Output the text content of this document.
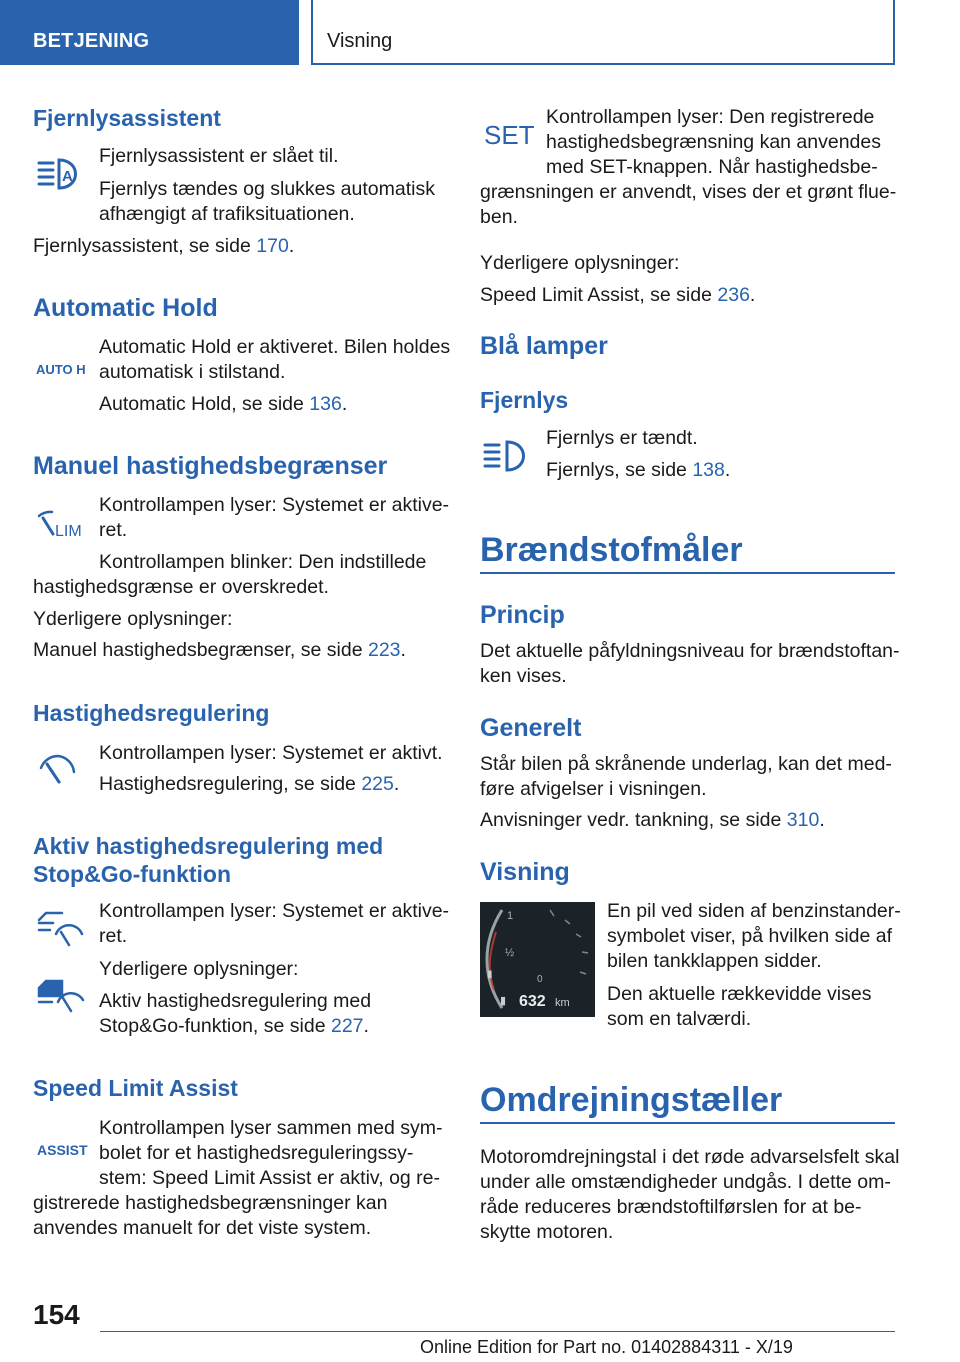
BETJENING	Visning
Fjernlysassistent
A
Fjernlysassistent er slået til.
Fjernlys tændes og slukkes automatisk
afhængigt af trafiksituationen.
Fjernlysassistent, se side 170.
Automatic Hold
AUTO H
Automatic Hold er aktiveret. Bilen holdes
automatisk i stilstand.
Automatic Hold, se side 136.
Manuel hastighedsbegrænser
LIM
Kontrollampen lyser: Systemet er aktive-
ret.
Kontrollampen blinker: Den indstillede
hastighedsgrænse er overskredet.
Yderligere oplysninger:
Manuel hastighedsbegrænser, se side 223.
Hastighedsregulering
Kontrollampen lyser: Systemet er aktivt.
Hastighedsregulering, se side 225.
Aktiv hastighedsregulering med
Stop&Go-funktion
Kontrollampen lyser: Systemet er aktive-
ret.
Yderligere oplysninger:
Aktiv hastighedsregulering med
Stop&Go-funktion, se side 227.
Speed Limit Assist
ASSIST
Kontrollampen lyser sammen med sym-
bolet for et hastighedsreguleringssy-
stem: Speed Limit Assist er aktiv, og re-
gistrerede hastighedsbegrænsninger kan
anvendes manuelt for det viste system.
SET
Kontrollampen lyser: Den registrerede
hastighedsbegrænsning kan anvendes
med SET-knappen. Når hastighedsbe-
grænsningen er anvendt, vises der et grønt flue-
ben.
Yderligere oplysninger:
Speed Limit Assist, se side 236.
Blå lamper
Fjernlys
Fjernlys er tændt.
Fjernlys, se side 138.
Brændstofmåler
Princip
Det aktuelle påfyldningsniveau for brændstoftan-
ken vises.
Generelt
Står bilen på skrånende underlag, kan det med-
føre afvigelser i visningen.
Anvisninger vedr. tankning, se side 310.
Visning
1
½
0
▮
▮ 632 km
En pil ved siden af benzinstander-
symbolet viser, på hvilken side af
bilen tankklappen sidder.
Den aktuelle rækkevidde vises
som en talværdi.
Omdrejningstæller
Motoromdrejningstal i det røde advarselsfelt skal
under alle omstændigheder undgås. I dette om-
råde reduceres brændstoftilførslen for at be-
skytte motoren.
154
Online Edition for Part no. 01402884311 - X/19
